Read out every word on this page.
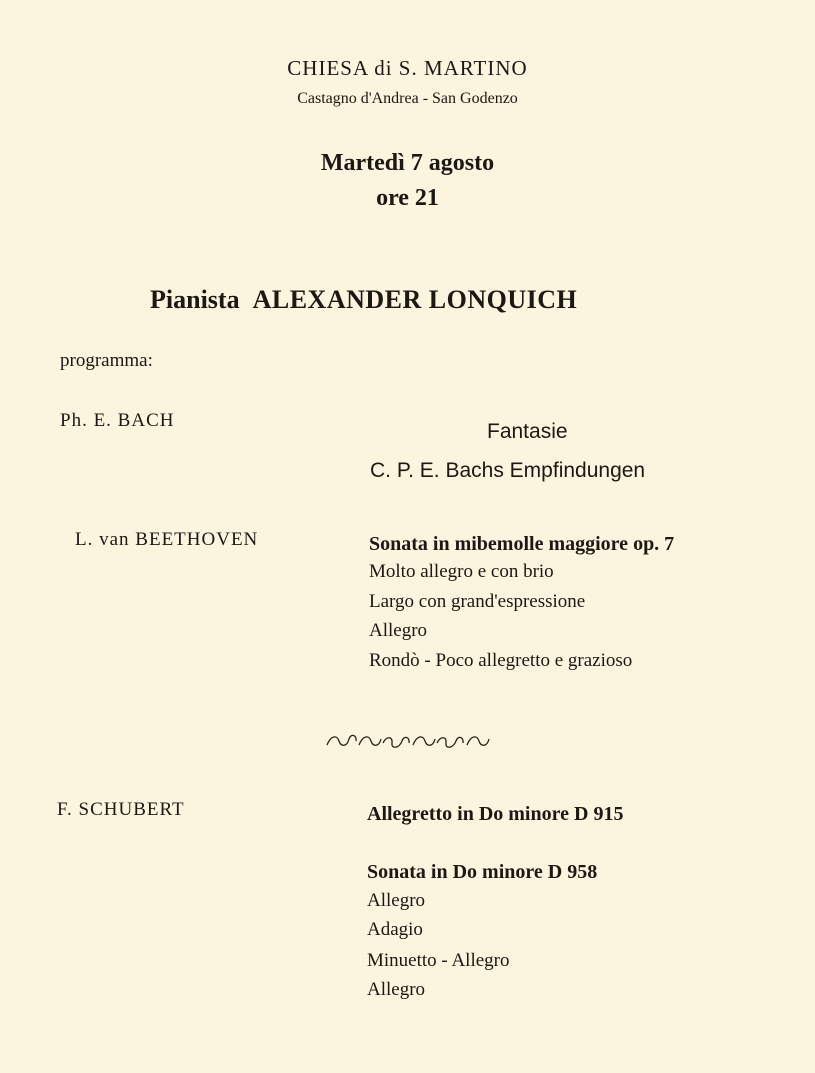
CHIESA di S. MARTINO
Castagno d'Andrea - San Godenzo
Martedì 7 agosto
ore 21
Pianista ALEXANDER LONQUICH
programma:
Ph. E. BACH	Fantasie
C. P. E. Bachs Empfindungen
L. van BEETHOVEN	Sonata in mibemolle maggiore op. 7
Molto allegro e con brio
Largo con grand'espressione
Allegro
Rondò - Poco allegretto e grazioso
F. SCHUBERT	Allegretto in Do minore D 915
Sonata in Do minore D 958
Allegro
Adagio
Minuetto - Allegro
Allegro
